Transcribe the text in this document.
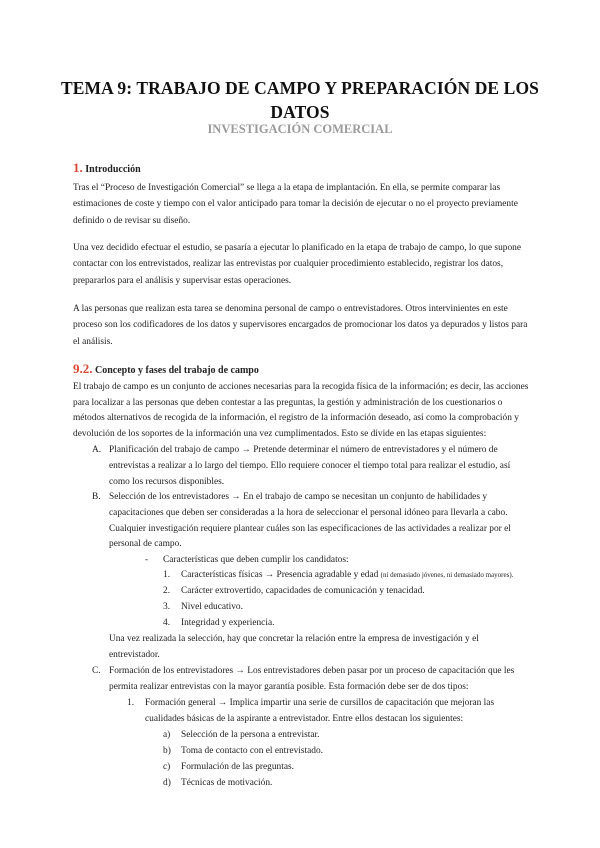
TEMA 9: TRABAJO DE CAMPO Y PREPARACIÓN DE LOS
DATOS
INVESTIGACIÓN COMERCIAL
1. Introducción

Tras el “Proceso de Investigación Comercial” se llega a la etapa de implantación. En ella, se permite comparar las estimaciones de coste y tiempo con el valor anticipado para tomar la decisión de ejecutar o no el proyecto previamente definido o de revisar su diseño.

Una vez decidido efectuar el estudio, se pasaría a ejecutar lo planificado en la etapa de trabajo de campo, lo que supone contactar con los entrevistados, realizar las entrevistas por cualquier procedimiento establecido, registrar los datos, prepararlos para el análisis y supervisar estas operaciones.

A las personas que realizan esta tarea se denomina personal de campo o entrevistadores. Otros intervinientes en este proceso son los codificadores de los datos y supervisores encargados de promocionar los datos ya depurados y listos para el análisis.

9.2. Concepto y fases del trabajo de campo

El trabajo de campo es un conjunto de acciones necesarias para la recogida física de la información; es decir, las acciones para localizar a las personas que deben contestar a las preguntas, la gestión y administración de los cuestionarios o métodos alternativos de recogida de la información, el registro de la información deseado, así como la comprobación y devolución de los soportes de la información una vez cumplimentados. Esto se divide en las etapas siguientes:

A. Planificación del trabajo de campo → Pretende determinar el número de entrevistadores y el número de entrevistas a realizar a lo largo del tiempo. Ello requiere conocer el tiempo total para realizar el estudio, así como los recursos disponibles.
B. Selección de los entrevistadores → En el trabajo de campo se necesitan un conjunto de habilidades y capacitaciones que deben ser consideradas a la hora de seleccionar el personal idóneo para llevarla a cabo. Cualquier investigación requiere plantear cuáles son las especificaciones de las actividades a realizar por el personal de campo.
- Características que deben cumplir los candidatos:
1. Características físicas → Presencia agradable y edad (ni demasiado jóvenes, ni demasiado mayores).
2. Carácter extrovertido, capacidades de comunicación y tenacidad.
3. Nivel educativo.
4. Integridad y experiencia.
Una vez realizada la selección, hay que concretar la relación entre la empresa de investigación y el entrevistador.
C. Formación de los entrevistadores → Los entrevistadores deben pasar por un proceso de capacitación que les permita realizar entrevistas con la mayor garantía posible. Esta formación debe ser de dos tipos:
1. Formación general → Implica impartir una serie de cursillos de capacitación que mejoran las cualidades básicas de la aspirante a entrevistador. Entre ellos destacan los siguientes:
a) Selección de la persona a entrevistar.
b) Toma de contacto con el entrevistado.
c) Formulación de las preguntas.
d) Técnicas de motivación.
